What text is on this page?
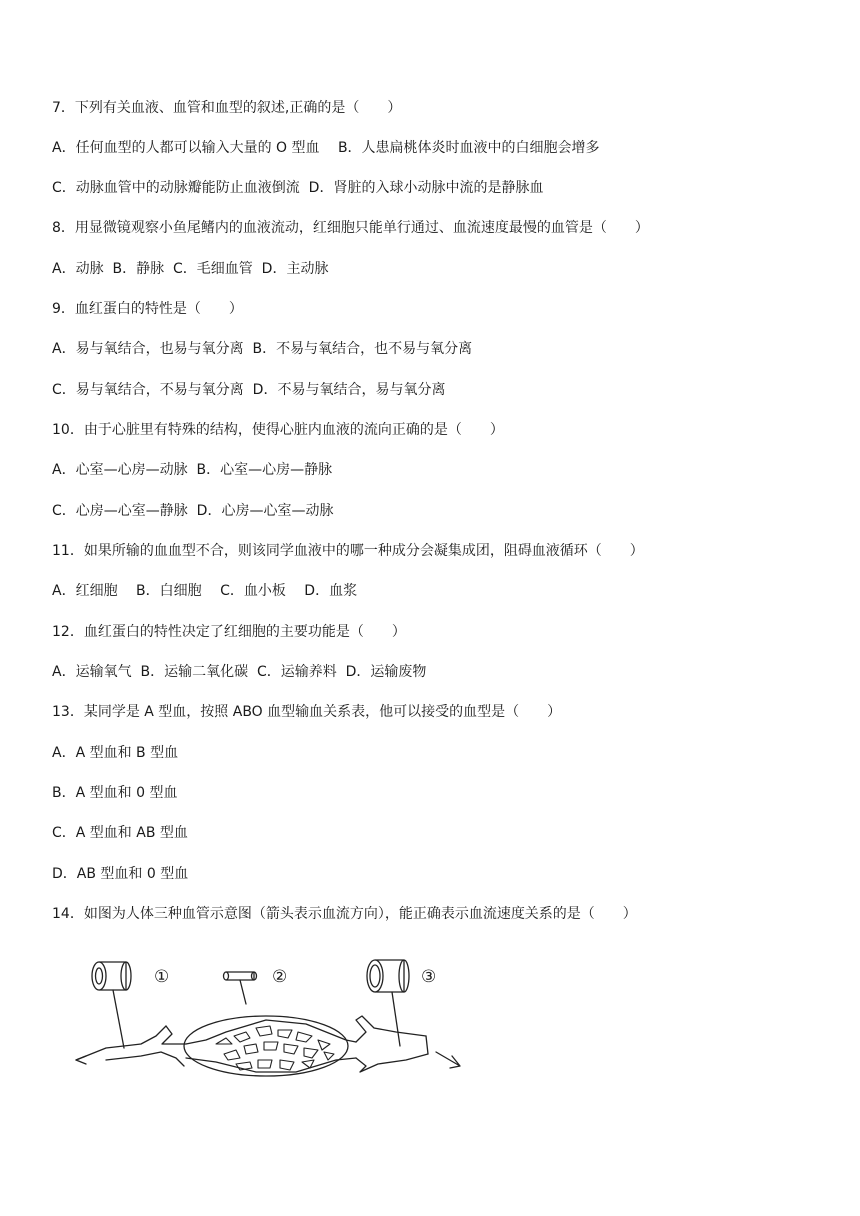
7．下列有关血液、血管和血型的叙述,正确的是（　　）
A．任何血型的人都可以输入大量的 O 型血　 B．人患扁桃体炎时血液中的白细胞会增多
C．动脉血管中的动脉瓣能防止血液倒流  D．肾脏的入球小动脉中流的是静脉血
8．用显微镜观察小鱼尾鳍内的血液流动，红细胞只能单行通过、血流速度最慢的血管是（　　）
A．动脉  B．静脉  C．毛细血管  D．主动脉
9．血红蛋白的特性是（　　）
A．易与氧结合，也易与氧分离  B．不易与氧结合，也不易与氧分离
C．易与氧结合，不易与氧分离  D．不易与氧结合，易与氧分离
10．由于心脏里有特殊的结构，使得心脏内血液的流向正确的是（　　）
A．心室—心房—动脉  B．心室—心房—静脉
C．心房—心室—静脉  D．心房—心室—动脉
11．如果所输的血血型不合，则该同学血液中的哪一种成分会凝集成团，阻碍血液循环（　　）
A．红细胞　 B．白细胞　 C．血小板　 D．血浆
12．血红蛋白的特性决定了红细胞的主要功能是（　　）
A．运输氧气  B．运输二氧化碳  C．运输养料  D．运输废物
13．某同学是 A 型血，按照 ABO 血型输血关系表，他可以接受的血型是（　　）
A．A 型血和 B 型血
B．A 型血和 0 型血
C．A 型血和 AB 型血
D．AB 型血和 0 型血
14．如图为人体三种血管示意图（箭头表示血流方向），能正确表示血流速度关系的是（　　）
①	②	③
